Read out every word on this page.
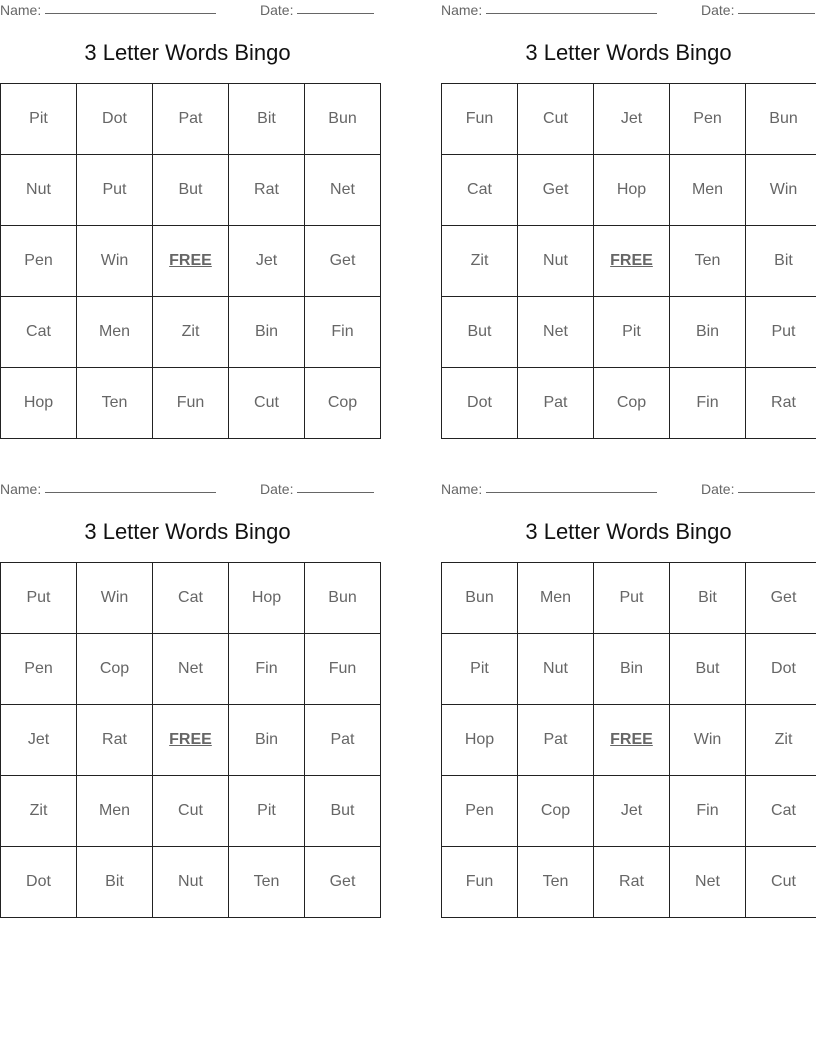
Name:	Date:
3 Letter Words Bingo
Pit	Dot	Pat	Bit	Bun
Nut	Put	But	Rat	Net
Pen	Win	FREE	Jet	Get
Cat	Men	Zit	Bin	Fin
Hop	Ten	Fun	Cut	Cop
Name:	Date:
3 Letter Words Bingo
Fun	Cut	Jet	Pen	Bun
Cat	Get	Hop	Men	Win
Zit	Nut	FREE	Ten	Bit
But	Net	Pit	Bin	Put
Dot	Pat	Cop	Fin	Rat
Name:	Date:
3 Letter Words Bingo
Put	Win	Cat	Hop	Bun
Pen	Cop	Net	Fin	Fun
Jet	Rat	FREE	Bin	Pat
Zit	Men	Cut	Pit	But
Dot	Bit	Nut	Ten	Get
Name:	Date:
3 Letter Words Bingo
Bun	Men	Put	Bit	Get
Pit	Nut	Bin	But	Dot
Hop	Pat	FREE	Win	Zit
Pen	Cop	Jet	Fin	Cat
Fun	Ten	Rat	Net	Cut
